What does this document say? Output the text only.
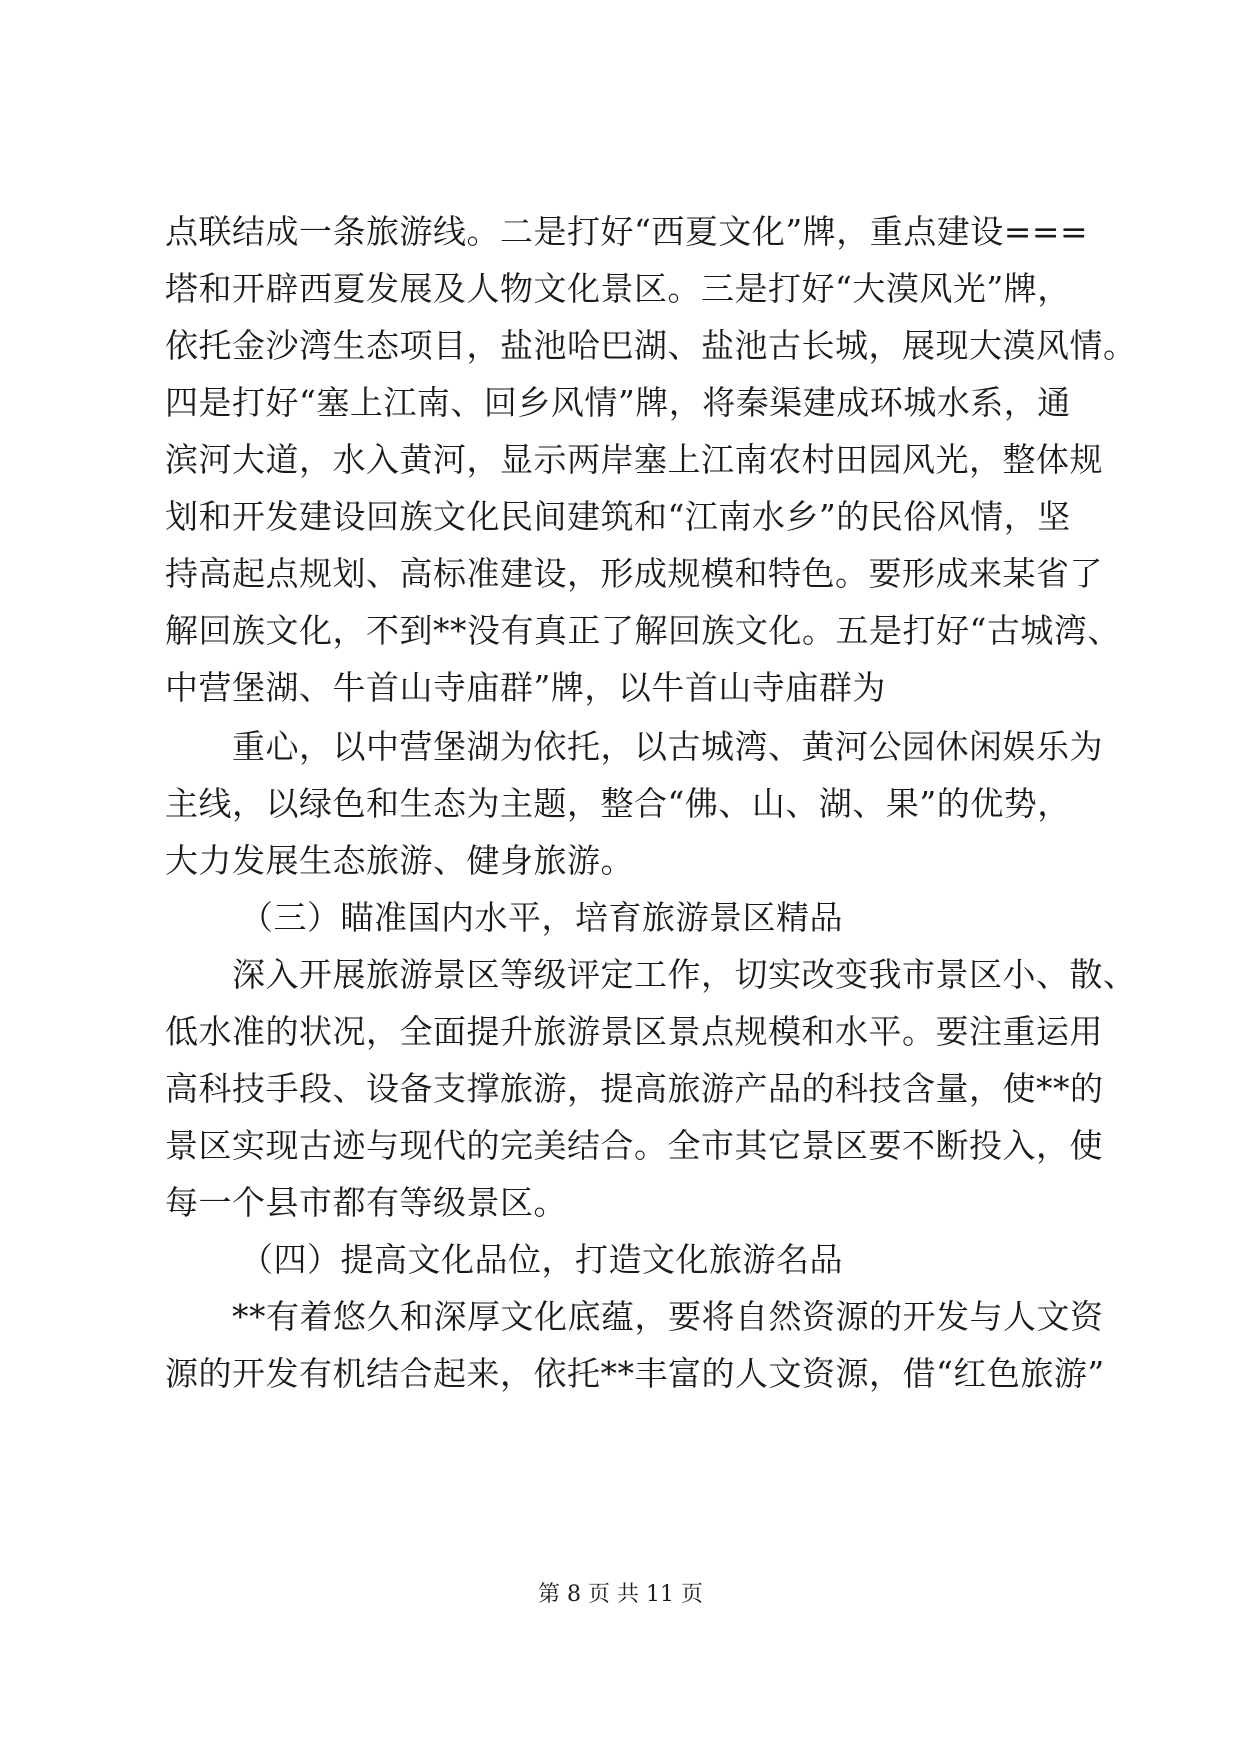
点联结成一条旅游线。二是打好“西夏文化”牌，重点建设===
塔和开辟西夏发展及人物文化景区。三是打好“大漠风光”牌，
依托金沙湾生态项目，盐池哈巴湖、盐池古长城，展现大漠风情。
四是打好“塞上江南、回乡风情”牌，将秦渠建成环城水系，通
滨河大道，水入黄河，显示两岸塞上江南农村田园风光，整体规
划和开发建设回族文化民间建筑和“江南水乡”的民俗风情，坚
持高起点规划、高标准建设，形成规模和特色。要形成来某省了
解回族文化，不到**没有真正了解回族文化。五是打好“古城湾、
中营堡湖、牛首山寺庙群”牌，以牛首山寺庙群为
重心，以中营堡湖为依托，以古城湾、黄河公园休闲娱乐为
主线，以绿色和生态为主题，整合“佛、山、湖、果”的优势，
大力发展生态旅游、健身旅游。
（三）瞄准国内水平，培育旅游景区精品
深入开展旅游景区等级评定工作，切实改变我市景区小、散、
低水准的状况，全面提升旅游景区景点规模和水平。要注重运用
高科技手段、设备支撑旅游，提高旅游产品的科技含量，使**的
景区实现古迹与现代的完美结合。全市其它景区要不断投入，使
每一个县市都有等级景区。
（四）提高文化品位，打造文化旅游名品
**有着悠久和深厚文化底蕴，要将自然资源的开发与人文资
源的开发有机结合起来，依托**丰富的人文资源，借“红色旅游”
第 8 页 共 11 页
